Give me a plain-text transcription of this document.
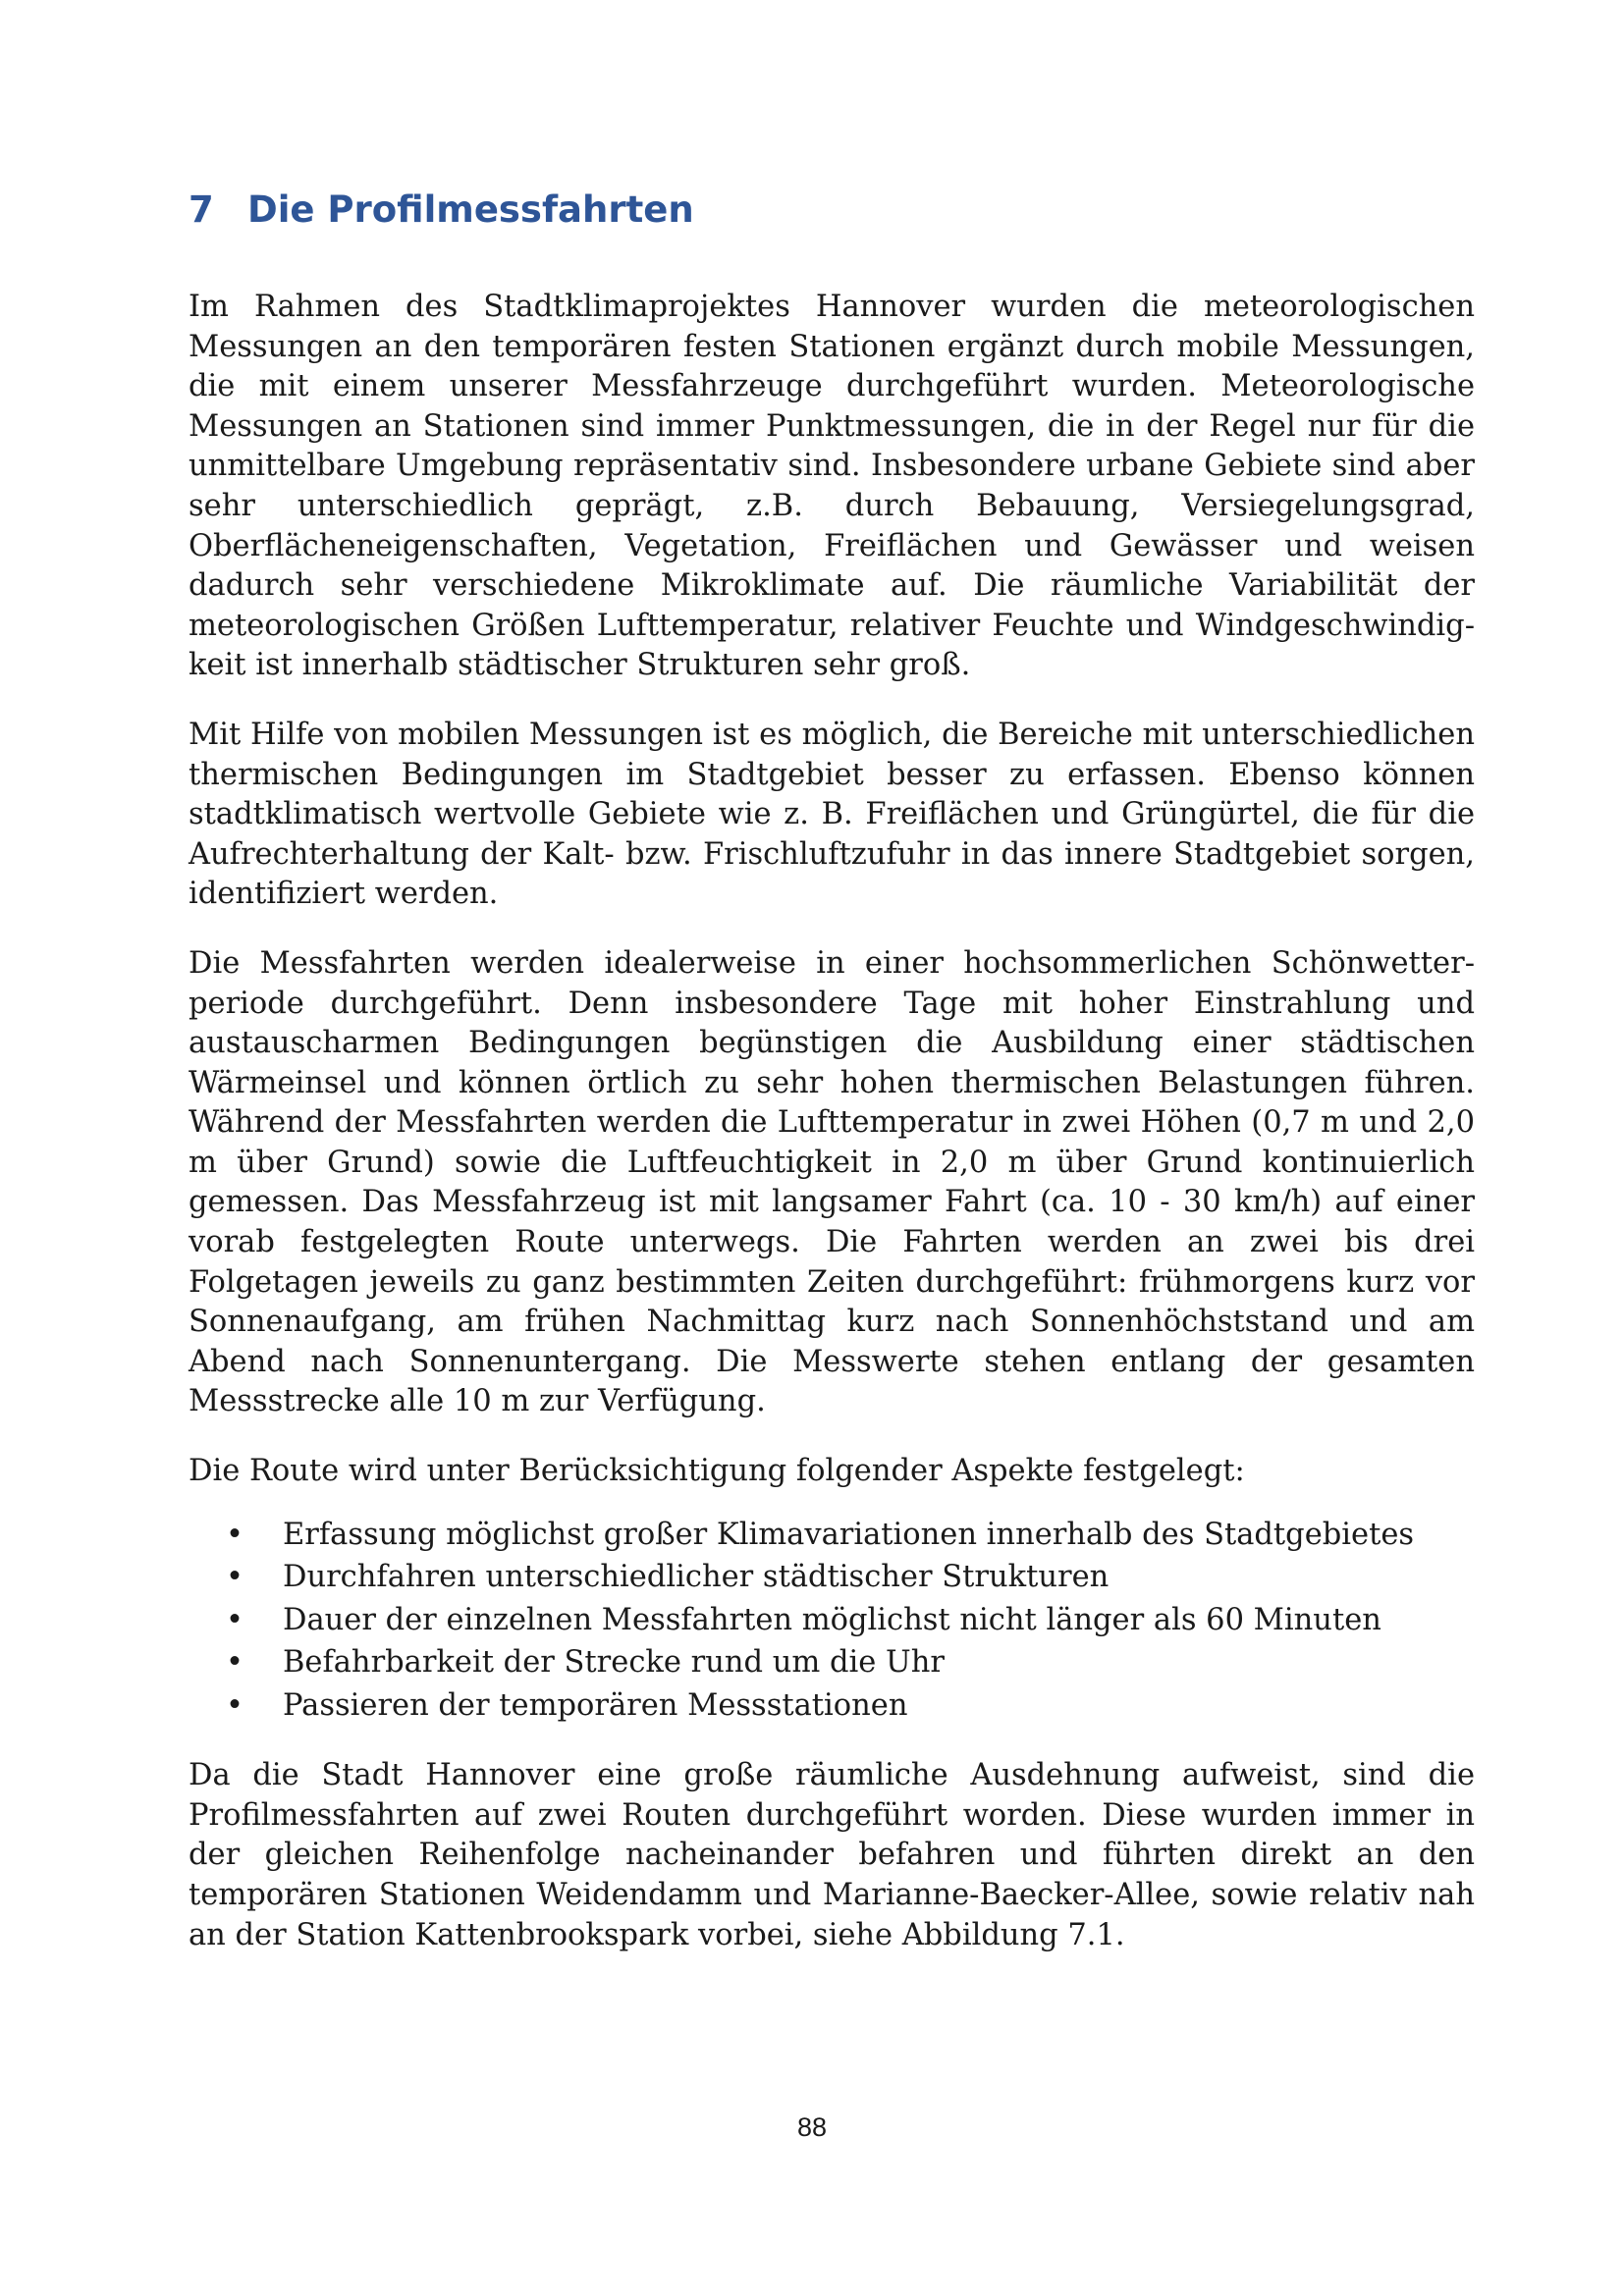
7 Die Profilmessfahrten

Im Rahmen des Stadtklimaprojektes Hannover wurden die meteorologischen Messungen an den temporären festen Stationen ergänzt durch mobile Messungen, die mit einem unserer Messfahrzeuge durchgeführt wurden. Meteorologische Messungen an Stationen sind immer Punktmessungen, die in der Regel nur für die unmittelbare Umgebung repräsentativ sind. Insbesondere urbane Gebiete sind aber sehr unterschiedlich geprägt, z.B. durch Bebauung, Versiegelungsgrad, Oberflächeneigenschaften, Vegetation, Freiflächen und Gewässer und weisen dadurch sehr verschiedene Mikroklimate auf. Die räumliche Variabilität der meteorologischen Größen Lufttemperatur, relativer Feuchte und Windgeschwindigkeit ist innerhalb städtischer Strukturen sehr groß.

Mit Hilfe von mobilen Messungen ist es möglich, die Bereiche mit unterschiedlichen thermischen Bedingungen im Stadtgebiet besser zu erfassen. Ebenso können stadtklimatisch wertvolle Gebiete wie z. B. Freiflächen und Grüngürtel, die für die Aufrechterhaltung der Kalt- bzw. Frischluftzufuhr in das innere Stadtgebiet sorgen, identifiziert werden.

Die Messfahrten werden idealerweise in einer hochsommerlichen Schönwetterperiode durchgeführt. Denn insbesondere Tage mit hoher Einstrahlung und austauscharmen Bedingungen begünstigen die Ausbildung einer städtischen Wärmeinsel und können örtlich zu sehr hohen thermischen Belastungen führen. Während der Messfahrten werden die Lufttemperatur in zwei Höhen (0,7 m und 2,0 m über Grund) sowie die Luftfeuchtigkeit in 2,0 m über Grund kontinuierlich gemessen. Das Messfahrzeug ist mit langsamer Fahrt (ca. 10 - 30 km/h) auf einer vorab festgelegten Route unterwegs. Die Fahrten werden an zwei bis drei Folgetagen jeweils zu ganz bestimmten Zeiten durchgeführt: frühmorgens kurz vor Sonnenaufgang, am frühen Nachmittag kurz nach Sonnenhöchststand und am Abend nach Sonnenuntergang. Die Messwerte stehen entlang der gesamten Messstrecke alle 10 m zur Verfügung.

Die Route wird unter Berücksichtigung folgender Aspekte festgelegt:

• Erfassung möglichst großer Klimavariationen innerhalb des Stadtgebietes
• Durchfahren unterschiedlicher städtischer Strukturen
• Dauer der einzelnen Messfahrten möglichst nicht länger als 60 Minuten
• Befahrbarkeit der Strecke rund um die Uhr
• Passieren der temporären Messstationen

Da die Stadt Hannover eine große räumliche Ausdehnung aufweist, sind die Profilmessfahrten auf zwei Routen durchgeführt worden. Diese wurden immer in der gleichen Reihenfolge nacheinander befahren und führten direkt an den temporären Stationen Weidendamm und Marianne-Baecker-Allee, sowie relativ nah an der Station Kattenbrookspark vorbei, siehe Abbildung 7.1.

88
